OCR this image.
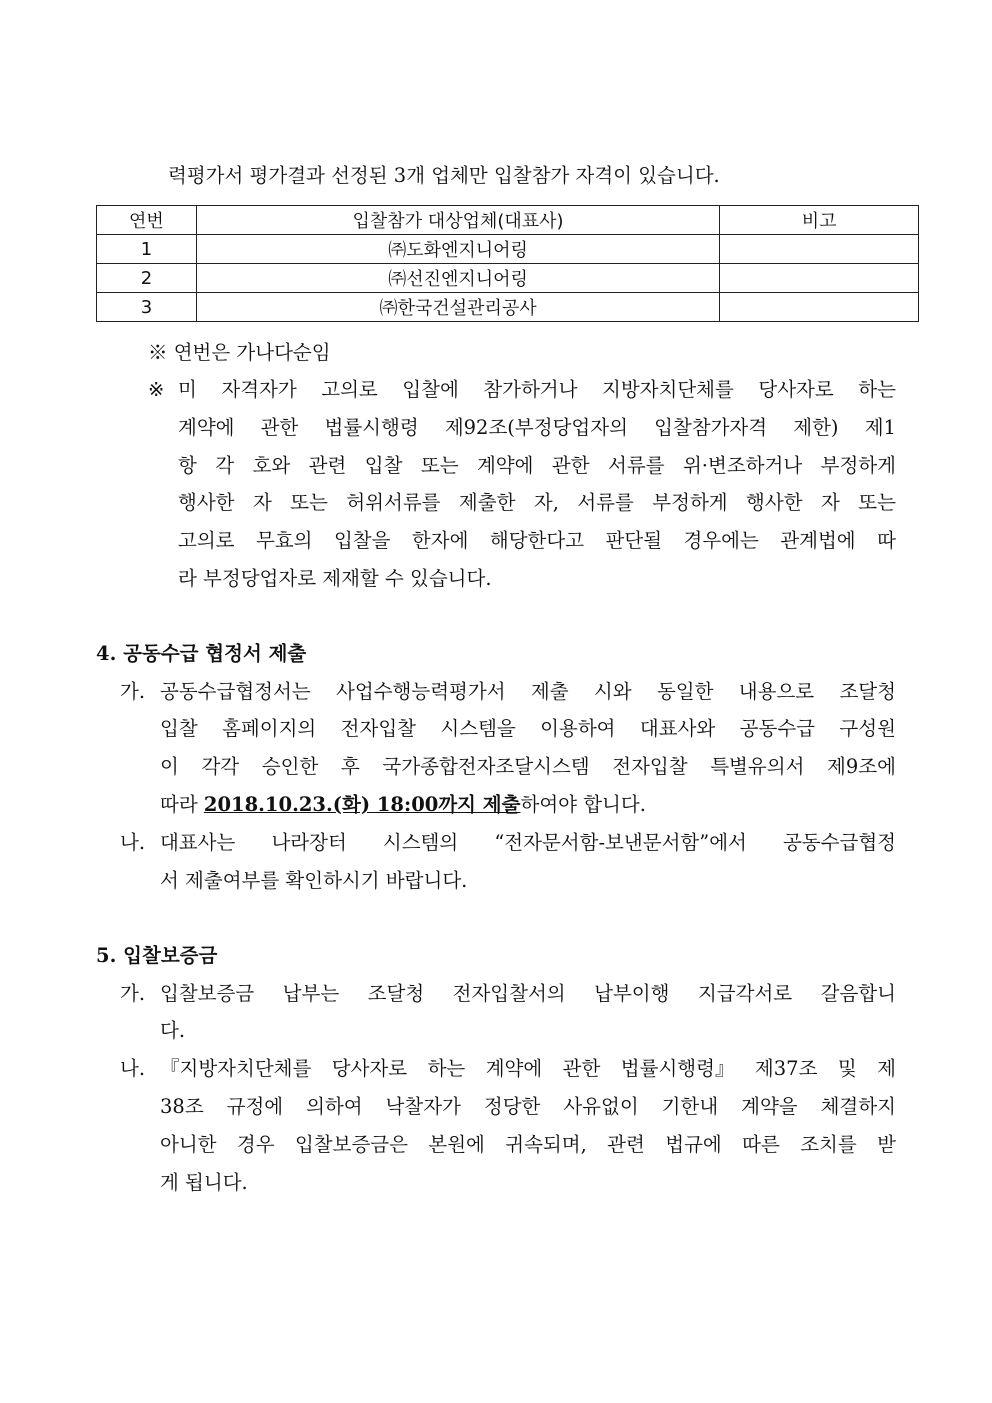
력평가서 평가결과 선정된 3개 업체만 입찰참가 자격이 있습니다.
연번	입찰참가 대상업체(대표사)	비고
1	㈜도화엔지니어링	
2	㈜선진엔지니어링	
3	㈜한국건설관리공사	
※ 연번은 가나다순임
※ 미 자격자가 고의로 입찰에 참가하거나 지방자치단체를 당사자로 하는
계약에 관한 법률시행령 제92조(부정당업자의 입찰참가자격 제한) 제1
항 각 호와 관련 입찰 또는 계약에 관한 서류를 위·변조하거나 부정하게
행사한 자 또는 허위서류를 제출한 자, 서류를 부정하게 행사한 자 또는
고의로 무효의 입찰을 한자에 해당한다고 판단될 경우에는 관계법에 따
라 부정당업자로 제재할 수 있습니다.
4. 공동수급 협정서 제출
가. 공동수급협정서는 사업수행능력평가서 제출 시와 동일한 내용으로 조달청
입찰 홈페이지의 전자입찰 시스템을 이용하여 대표사와 공동수급 구성원
이 각각 승인한 후 국가종합전자조달시스템 전자입찰 특별유의서 제9조에
따라 2018.10.23.(화) 18:00까지 제출하여야 합니다.
나. 대표사는 나라장터 시스템의 “전자문서함-보낸문서함”에서 공동수급협정
서 제출여부를 확인하시기 바랍니다.
5. 입찰보증금
가. 입찰보증금 납부는 조달청 전자입찰서의 납부이행 지급각서로 갈음합니
다.
나. 『지방자치단체를 당사자로 하는 계약에 관한 법률시행령』 제37조 및 제
38조 규정에 의하여 낙찰자가 정당한 사유없이 기한내 계약을 체결하지
아니한 경우 입찰보증금은 본원에 귀속되며, 관련 법규에 따른 조치를 받
게 됩니다.
